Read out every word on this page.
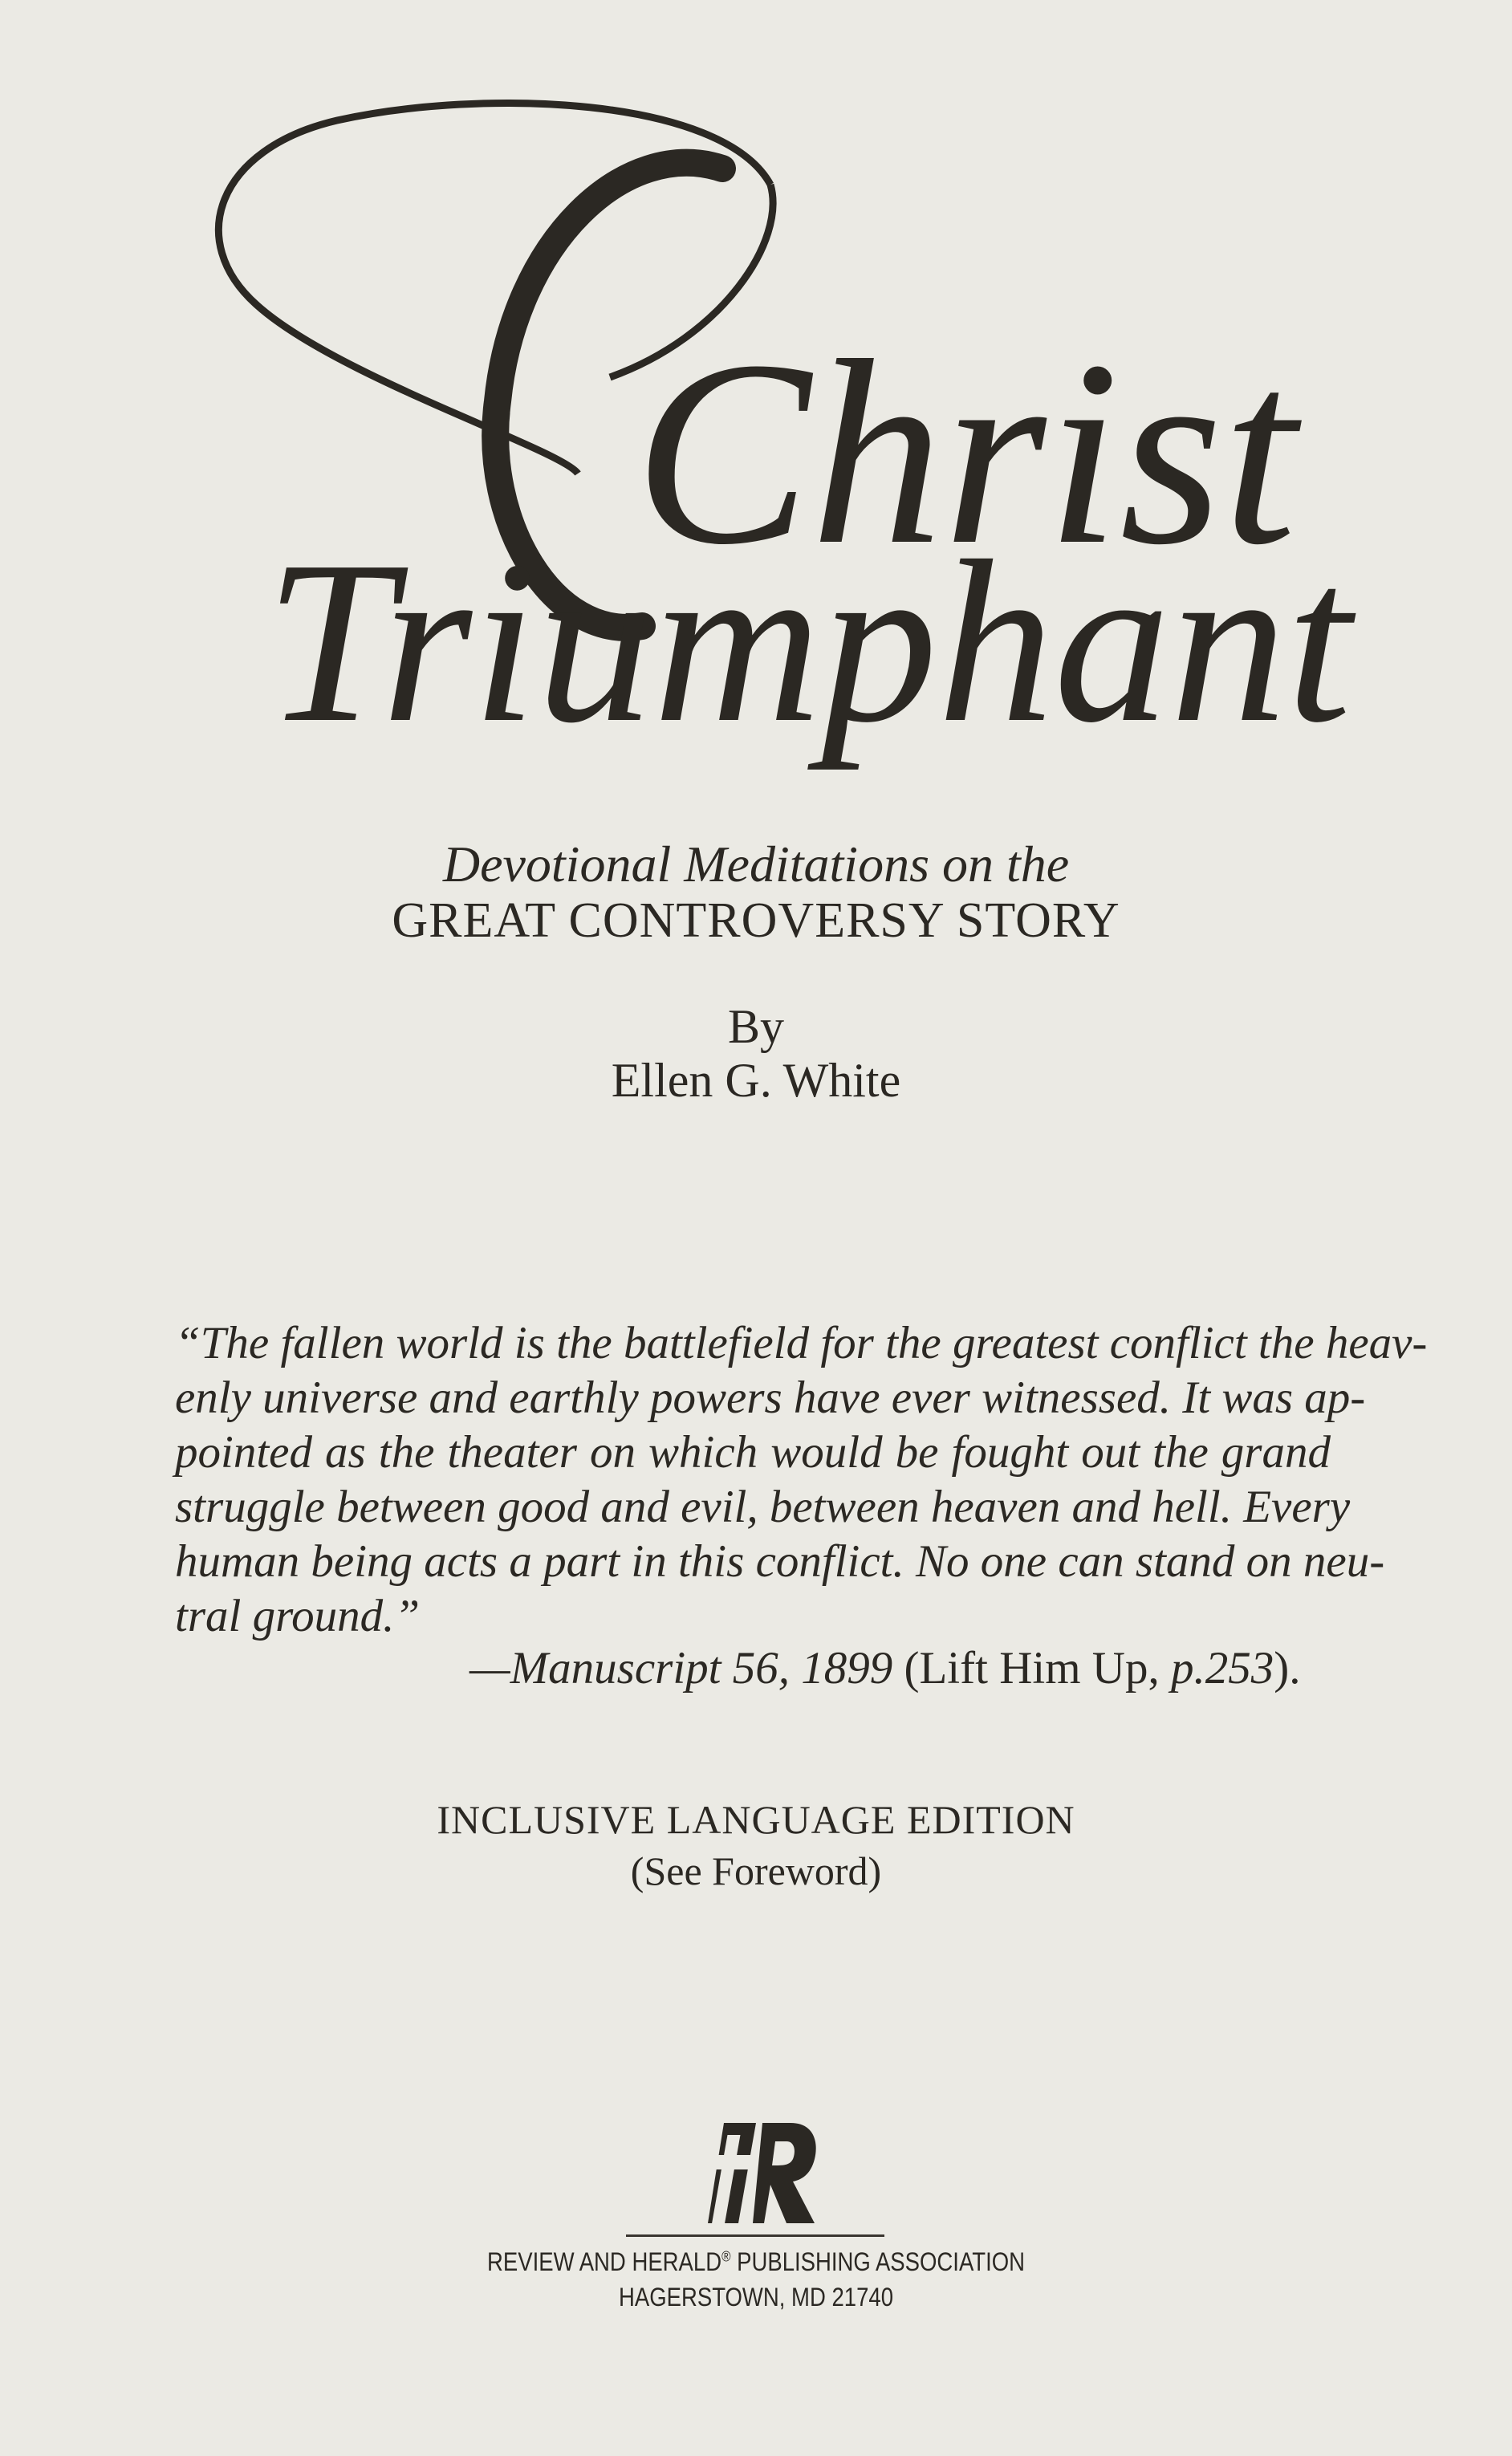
Christ
Triumphant
Devotional Meditations on the
GREAT CONTROVERSY STORY
By
Ellen G. White
“The fallen world is the battlefield for the greatest conflict the heav-
enly universe and earthly powers have ever witnessed. It was ap-
pointed as the theater on which would be fought out the grand
struggle between good and evil, between heaven and hell. Every
human being acts a part in this conflict. No one can stand on neu-
tral ground.”
—Manuscript 56, 1899 (Lift Him Up, p.253).
INCLUSIVE LANGUAGE EDITION
(See Foreword)
REVIEW AND HERALD® PUBLISHING ASSOCIATION
HAGERSTOWN, MD 21740
